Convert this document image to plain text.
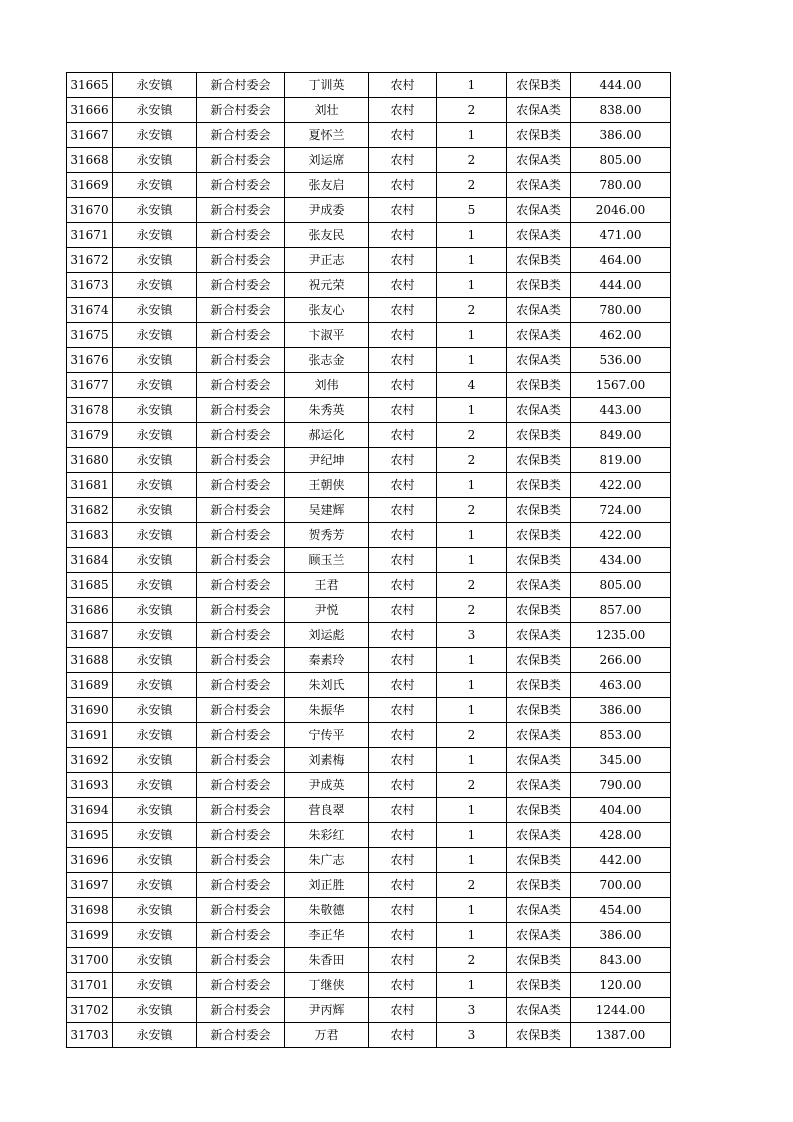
31665	永安镇	新合村委会	丁训英	农村	1	农保B类	444.00
31666	永安镇	新合村委会	刘壮	农村	2	农保A类	838.00
31667	永安镇	新合村委会	夏怀兰	农村	1	农保B类	386.00
31668	永安镇	新合村委会	刘运席	农村	2	农保A类	805.00
31669	永安镇	新合村委会	张友启	农村	2	农保A类	780.00
31670	永安镇	新合村委会	尹成委	农村	5	农保A类	2046.00
31671	永安镇	新合村委会	张友民	农村	1	农保A类	471.00
31672	永安镇	新合村委会	尹正志	农村	1	农保B类	464.00
31673	永安镇	新合村委会	祝元荣	农村	1	农保B类	444.00
31674	永安镇	新合村委会	张友心	农村	2	农保A类	780.00
31675	永安镇	新合村委会	卞淑平	农村	1	农保A类	462.00
31676	永安镇	新合村委会	张志金	农村	1	农保A类	536.00
31677	永安镇	新合村委会	刘伟	农村	4	农保B类	1567.00
31678	永安镇	新合村委会	朱秀英	农村	1	农保A类	443.00
31679	永安镇	新合村委会	郝运化	农村	2	农保B类	849.00
31680	永安镇	新合村委会	尹纪坤	农村	2	农保B类	819.00
31681	永安镇	新合村委会	王朝侠	农村	1	农保B类	422.00
31682	永安镇	新合村委会	吴建辉	农村	2	农保B类	724.00
31683	永安镇	新合村委会	贺秀芳	农村	1	农保B类	422.00
31684	永安镇	新合村委会	顾玉兰	农村	1	农保B类	434.00
31685	永安镇	新合村委会	王君	农村	2	农保A类	805.00
31686	永安镇	新合村委会	尹悦	农村	2	农保B类	857.00
31687	永安镇	新合村委会	刘运彪	农村	3	农保A类	1235.00
31688	永安镇	新合村委会	秦素玲	农村	1	农保B类	266.00
31689	永安镇	新合村委会	朱刘氏	农村	1	农保B类	463.00
31690	永安镇	新合村委会	朱振华	农村	1	农保B类	386.00
31691	永安镇	新合村委会	宁传平	农村	2	农保A类	853.00
31692	永安镇	新合村委会	刘素梅	农村	1	农保A类	345.00
31693	永安镇	新合村委会	尹成英	农村	2	农保A类	790.00
31694	永安镇	新合村委会	营良翠	农村	1	农保B类	404.00
31695	永安镇	新合村委会	朱彩红	农村	1	农保A类	428.00
31696	永安镇	新合村委会	朱广志	农村	1	农保B类	442.00
31697	永安镇	新合村委会	刘正胜	农村	2	农保B类	700.00
31698	永安镇	新合村委会	朱敬德	农村	1	农保A类	454.00
31699	永安镇	新合村委会	李正华	农村	1	农保A类	386.00
31700	永安镇	新合村委会	朱香田	农村	2	农保B类	843.00
31701	永安镇	新合村委会	丁继侠	农村	1	农保B类	120.00
31702	永安镇	新合村委会	尹丙辉	农村	3	农保A类	1244.00
31703	永安镇	新合村委会	万君	农村	3	农保B类	1387.00
